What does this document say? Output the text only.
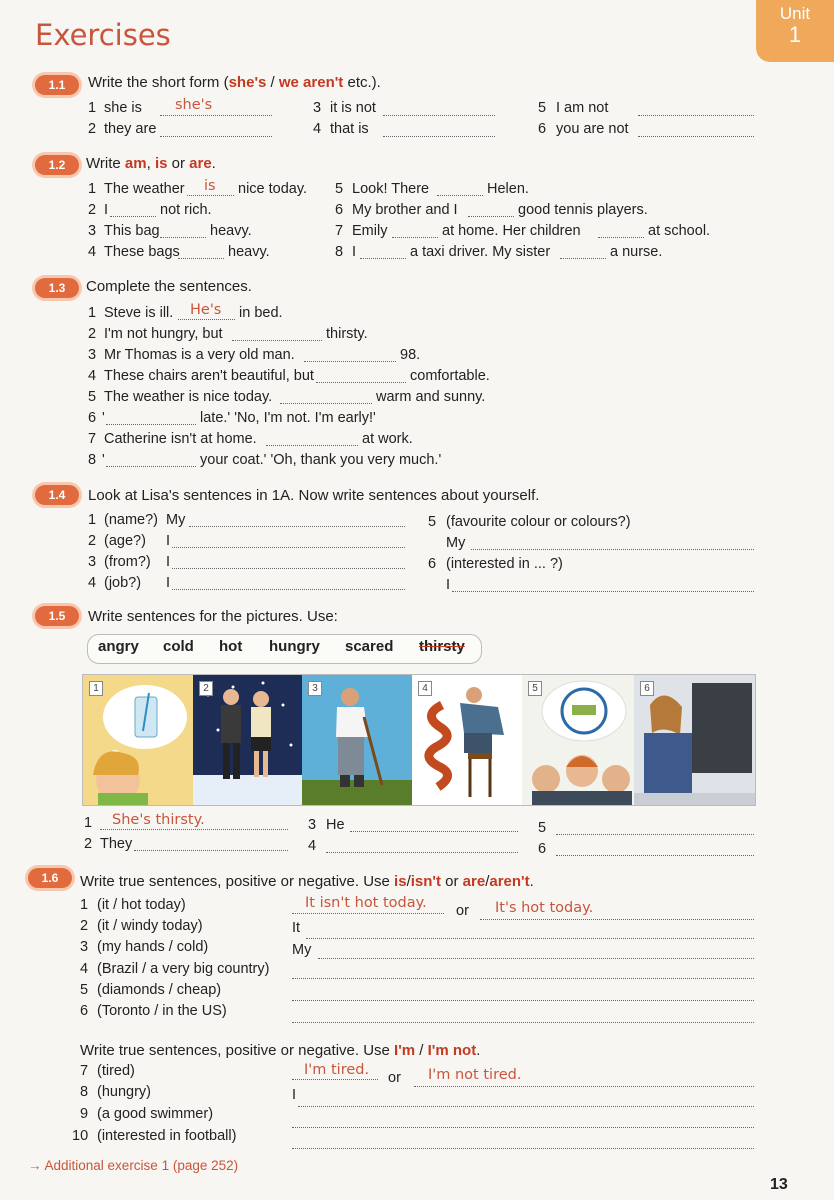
Exercises
Unit
1
1.1	Write the short form (she's / we aren't etc.).
1 she is she's
2 they are
3 it is not
4 that is
5 I am not
6 you are not
1.2	Write am, is or are.
1 The weather is nice today.
2 I	not rich.
3 This bag	heavy.
4 These bags	heavy.
5 Look! There	Helen.
6 My brother and I	good tennis players.
7 Emily	at home. Her children	at school.
8 I	a taxi driver. My sister	a nurse.
1.3	Complete the sentences.
1 Steve is ill. He's in bed.
2 I'm not hungry, but	thirsty.
3 Mr Thomas is a very old man.	98.
4 These chairs aren't beautiful, but	comfortable.
5 The weather is nice today.	warm and sunny.
6 '	late.' 'No, I'm not. I'm early!'
7 Catherine isn't at home.	at work.
8 '	your coat.' 'Oh, thank you very much.'
1.4	Look at Lisa's sentences in 1A. Now write sentences about yourself.
1 (name?) My
2 (age?) I
3 (from?) I
4 (job?) I
5 (favourite colour or colours?)
My
6 (interested in ... ?)
I
1.5	Write sentences for the pictures. Use:
angry cold hot hungry scared thirsty
1	2	3	4	5	6
1 She's thirsty.
2 They
3 He
4
5
6
1.6	Write true sentences, positive or negative. Use is/isn't or are/aren't.
1 (it / hot today)	It isn't hot today. or It's hot today.
2 (it / windy today)	It
3 (my hands / cold)	My
4 (Brazil / a very big country)
5 (diamonds / cheap)
6 (Toronto / in the US)
Write true sentences, positive or negative. Use I'm / I'm not.
7 (tired)	I'm tired. or I'm not tired.
8 (hungry)	I
9 (a good swimmer)
10 (interested in football)
→ Additional exercise 1 (page 252)
13
